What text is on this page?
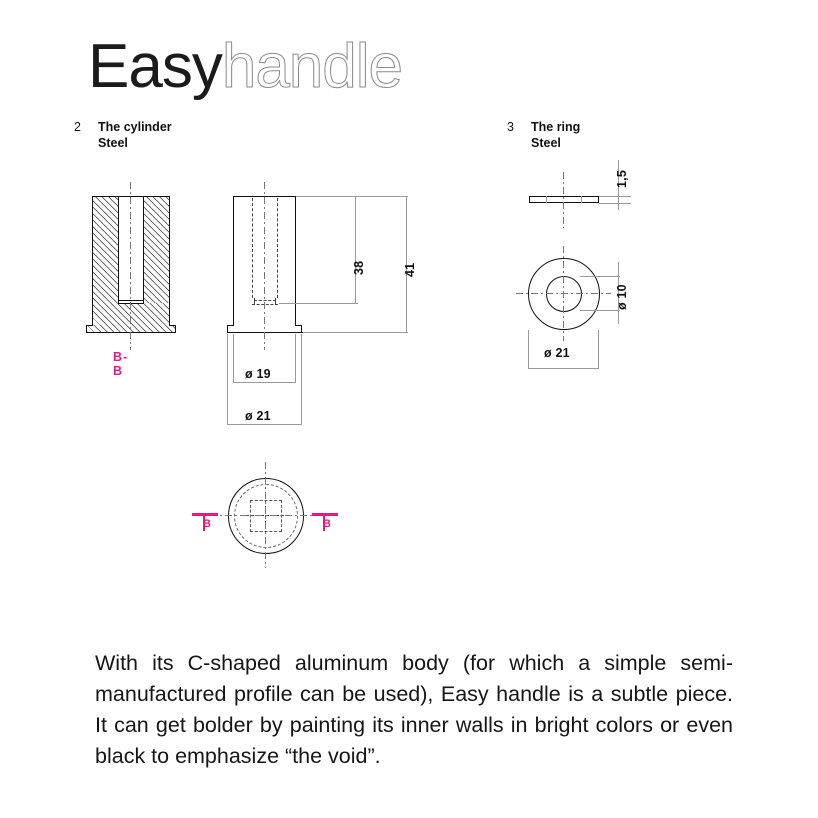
Easy handle
2 The cylinder
Steel
3 The ring
Steel
B-B
38	41
ø 19
ø 21
B	B
1,5
ø 10
ø 21
With its C-shaped aluminum body (for which a simple semi-manufactured profile can be used), Easy handle is a subtle piece. It can get bolder by painting its inner walls in bright colors or even black to emphasize “the void”.
